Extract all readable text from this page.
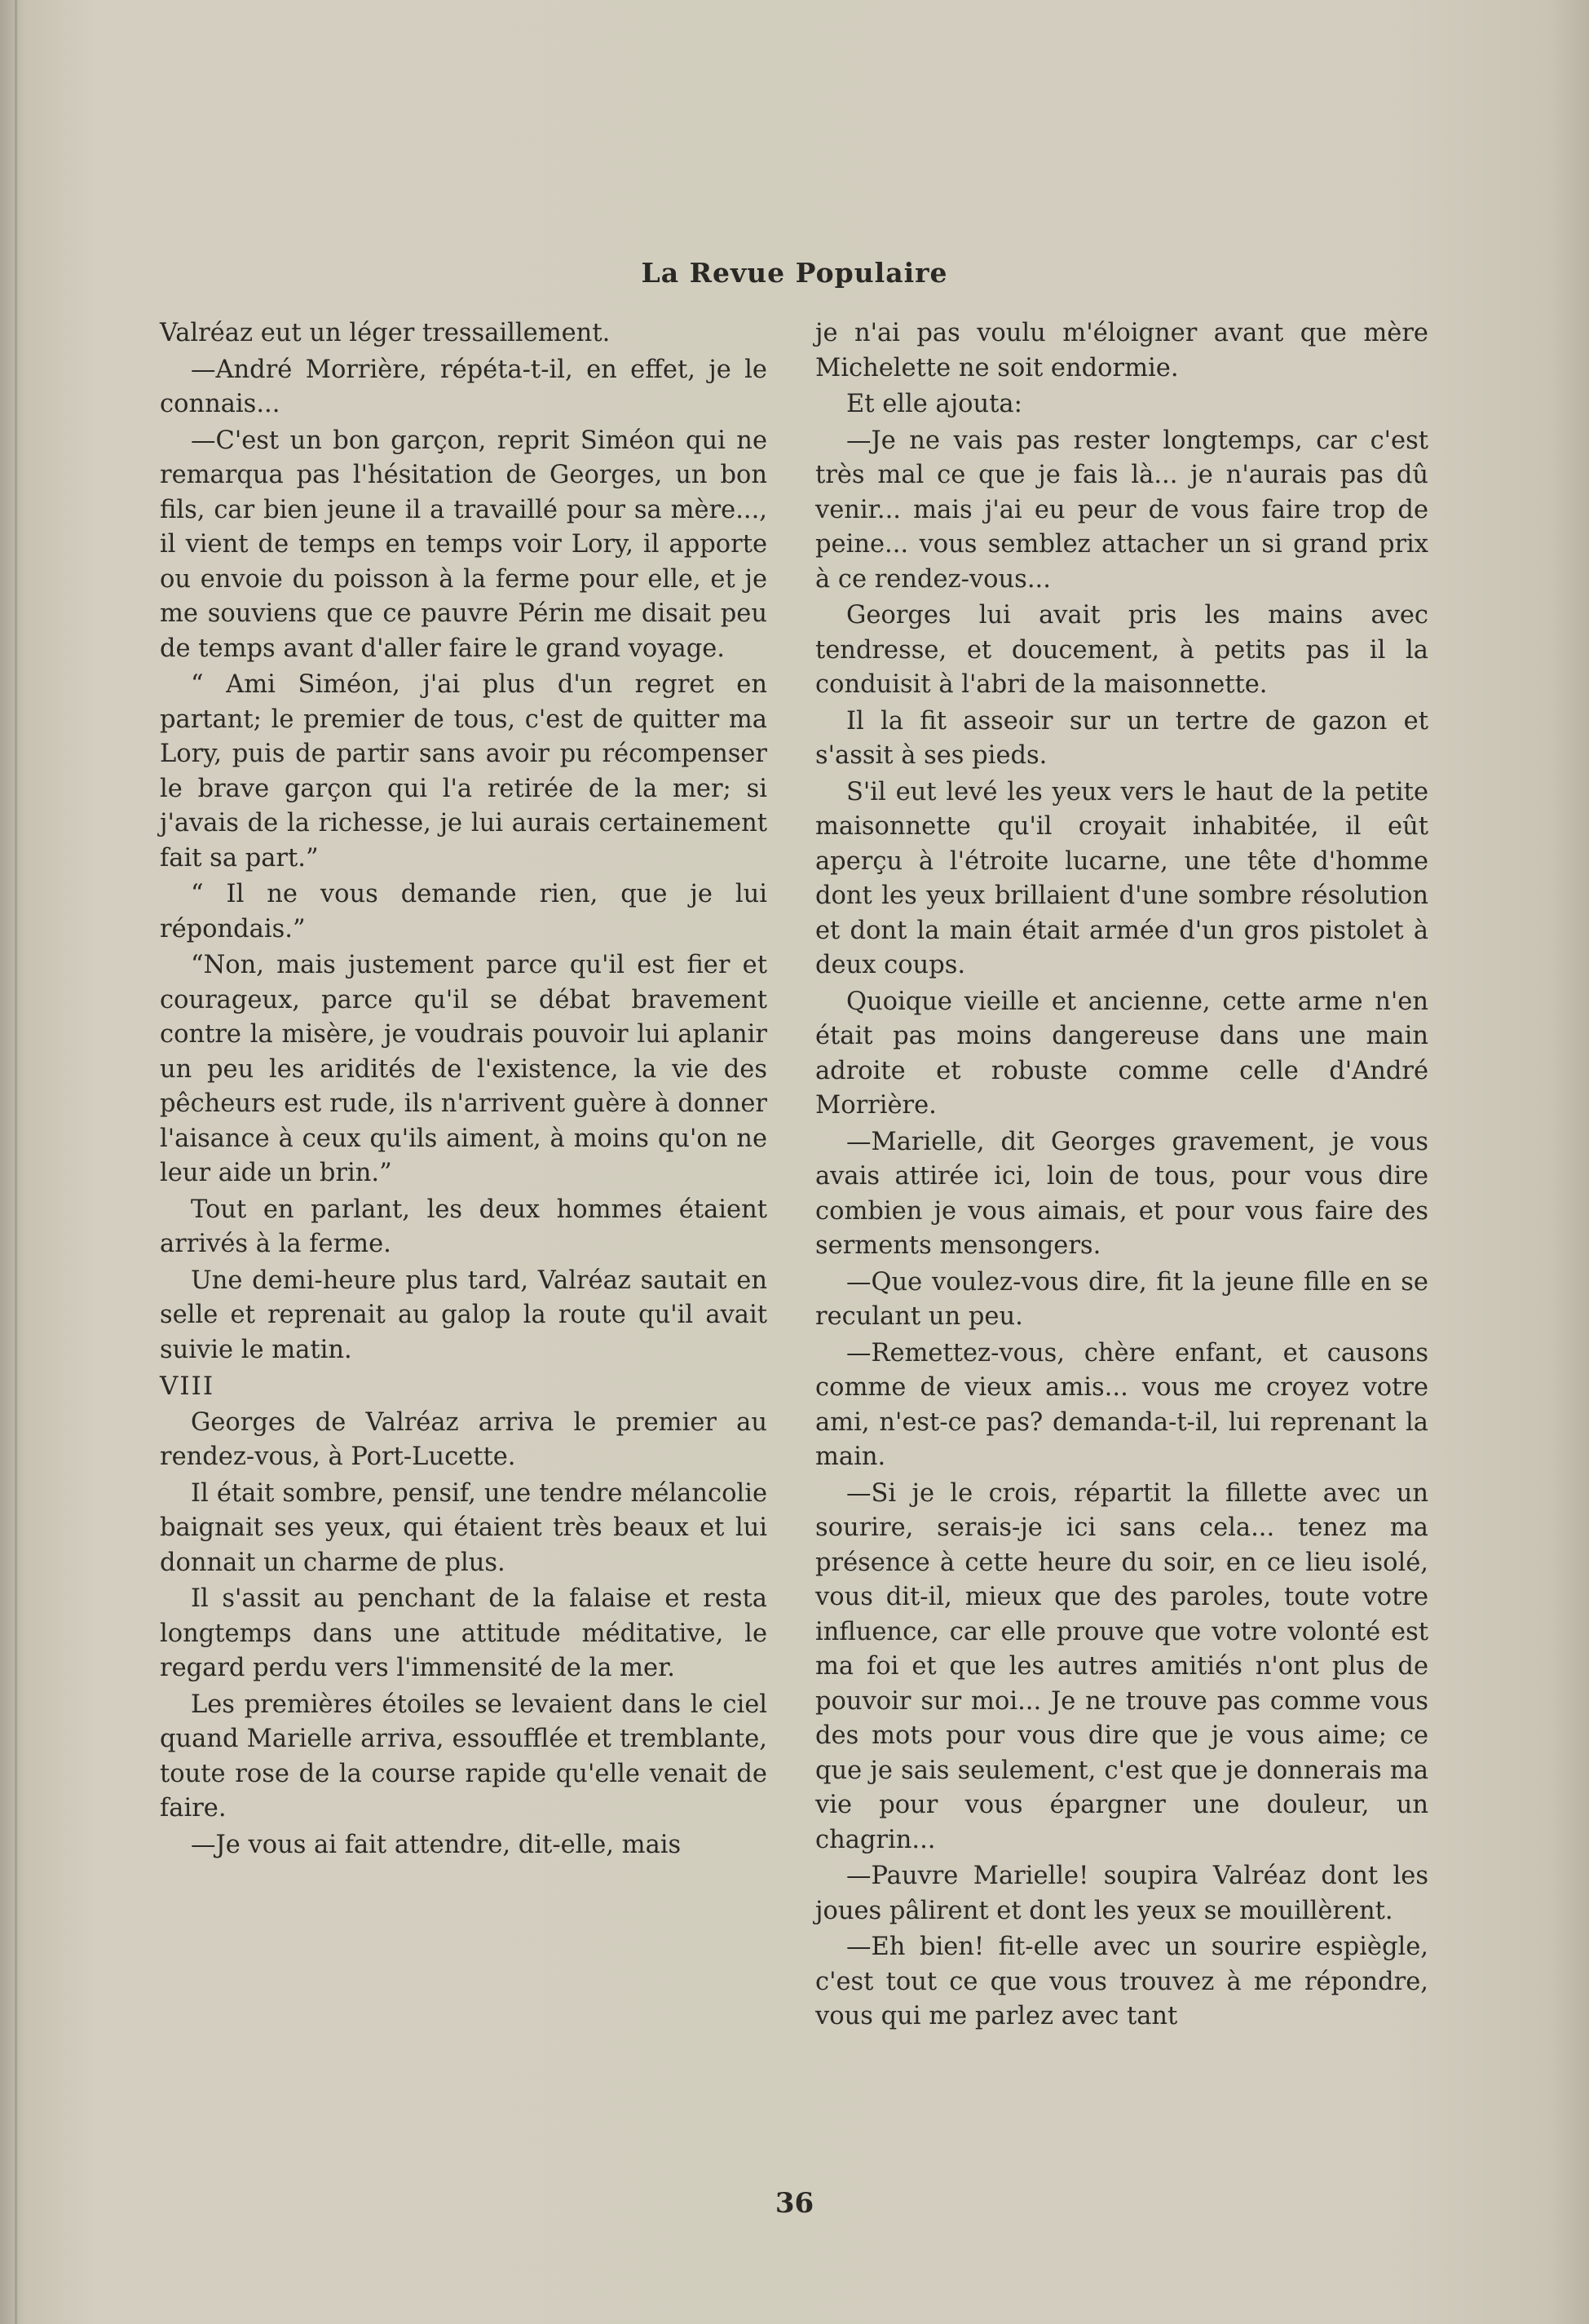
La Revue Populaire

Valréaz eut un léger tressaillement.

—André Morrière, répéta-t-il, en effet, je le connais...

—C'est un bon garçon, reprit Siméon qui ne remarqua pas l'hésitation de Georges, un bon fils, car bien jeune il a travaillé pour sa mère..., il vient de temps en temps voir Lory, il apporte ou envoie du poisson à la ferme pour elle, et je me souviens que ce pauvre Périn me disait peu de temps avant d'aller faire le grand voyage.

“ Ami Siméon, j'ai plus d'un regret en partant; le premier de tous, c'est de quitter ma Lory, puis de partir sans avoir pu récompenser le brave garçon qui l'a retirée de la mer; si j'avais de la richesse, je lui aurais certainement fait sa part.”

“ Il ne vous demande rien, que je lui répondais.”

“Non, mais justement parce qu'il est fier et courageux, parce qu'il se débat bravement contre la misère, je voudrais pouvoir lui aplanir un peu les aridités de l'existence, la vie des pêcheurs est rude, ils n'arrivent guère à donner l'aisance à ceux qu'ils aiment, à moins qu'on ne leur aide un brin.”

Tout en parlant, les deux hommes étaient arrivés à la ferme.

Une demi-heure plus tard, Valréaz sautait en selle et reprenait au galop la route qu'il avait suivie le matin.

VIII

Georges de Valréaz arriva le premier au rendez-vous, à Port-Lucette.

Il était sombre, pensif, une tendre mélancolie baignait ses yeux, qui étaient très beaux et lui donnait un charme de plus.

Il s'assit au penchant de la falaise et resta longtemps dans une attitude méditative, le regard perdu vers l'immensité de la mer.

Les premières étoiles se levaient dans le ciel quand Marielle arriva, essoufflée et tremblante, toute rose de la course rapide qu'elle venait de faire.

—Je vous ai fait attendre, dit-elle, mais

je n'ai pas voulu m'éloigner avant que mère Michelette ne soit endormie.

Et elle ajouta:

—Je ne vais pas rester longtemps, car c'est très mal ce que je fais là... je n'aurais pas dû venir... mais j'ai eu peur de vous faire trop de peine... vous semblez attacher un si grand prix à ce rendez-vous...

Georges lui avait pris les mains avec tendresse, et doucement, à petits pas il la conduisit à l'abri de la maisonnette.

Il la fit asseoir sur un tertre de gazon et s'assit à ses pieds.

S'il eut levé les yeux vers le haut de la petite maisonnette qu'il croyait inhabitée, il eût aperçu à l'étroite lucarne, une tête d'homme dont les yeux brillaient d'une sombre résolution et dont la main était armée d'un gros pistolet à deux coups.

Quoique vieille et ancienne, cette arme n'en était pas moins dangereuse dans une main adroite et robuste comme celle d'André Morrière.

—Marielle, dit Georges gravement, je vous avais attirée ici, loin de tous, pour vous dire combien je vous aimais, et pour vous faire des serments mensongers.

—Que voulez-vous dire, fit la jeune fille en se reculant un peu.

—Remettez-vous, chère enfant, et causons comme de vieux amis... vous me croyez votre ami, n'est-ce pas? demanda-t-il, lui reprenant la main.

—Si je le crois, répartit la fillette avec un sourire, serais-je ici sans cela... tenez ma présence à cette heure du soir, en ce lieu isolé, vous dit-il, mieux que des paroles, toute votre influence, car elle prouve que votre volonté est ma foi et que les autres amitiés n'ont plus de pouvoir sur moi... Je ne trouve pas comme vous des mots pour vous dire que je vous aime; ce que je sais seulement, c'est que je donnerais ma vie pour vous épargner une douleur, un chagrin...

—Pauvre Marielle! soupira Valréaz dont les joues pâlirent et dont les yeux se mouillèrent.

—Eh bien! fit-elle avec un sourire espiègle, c'est tout ce que vous trouvez à me répondre, vous qui me parlez avec tant

36
